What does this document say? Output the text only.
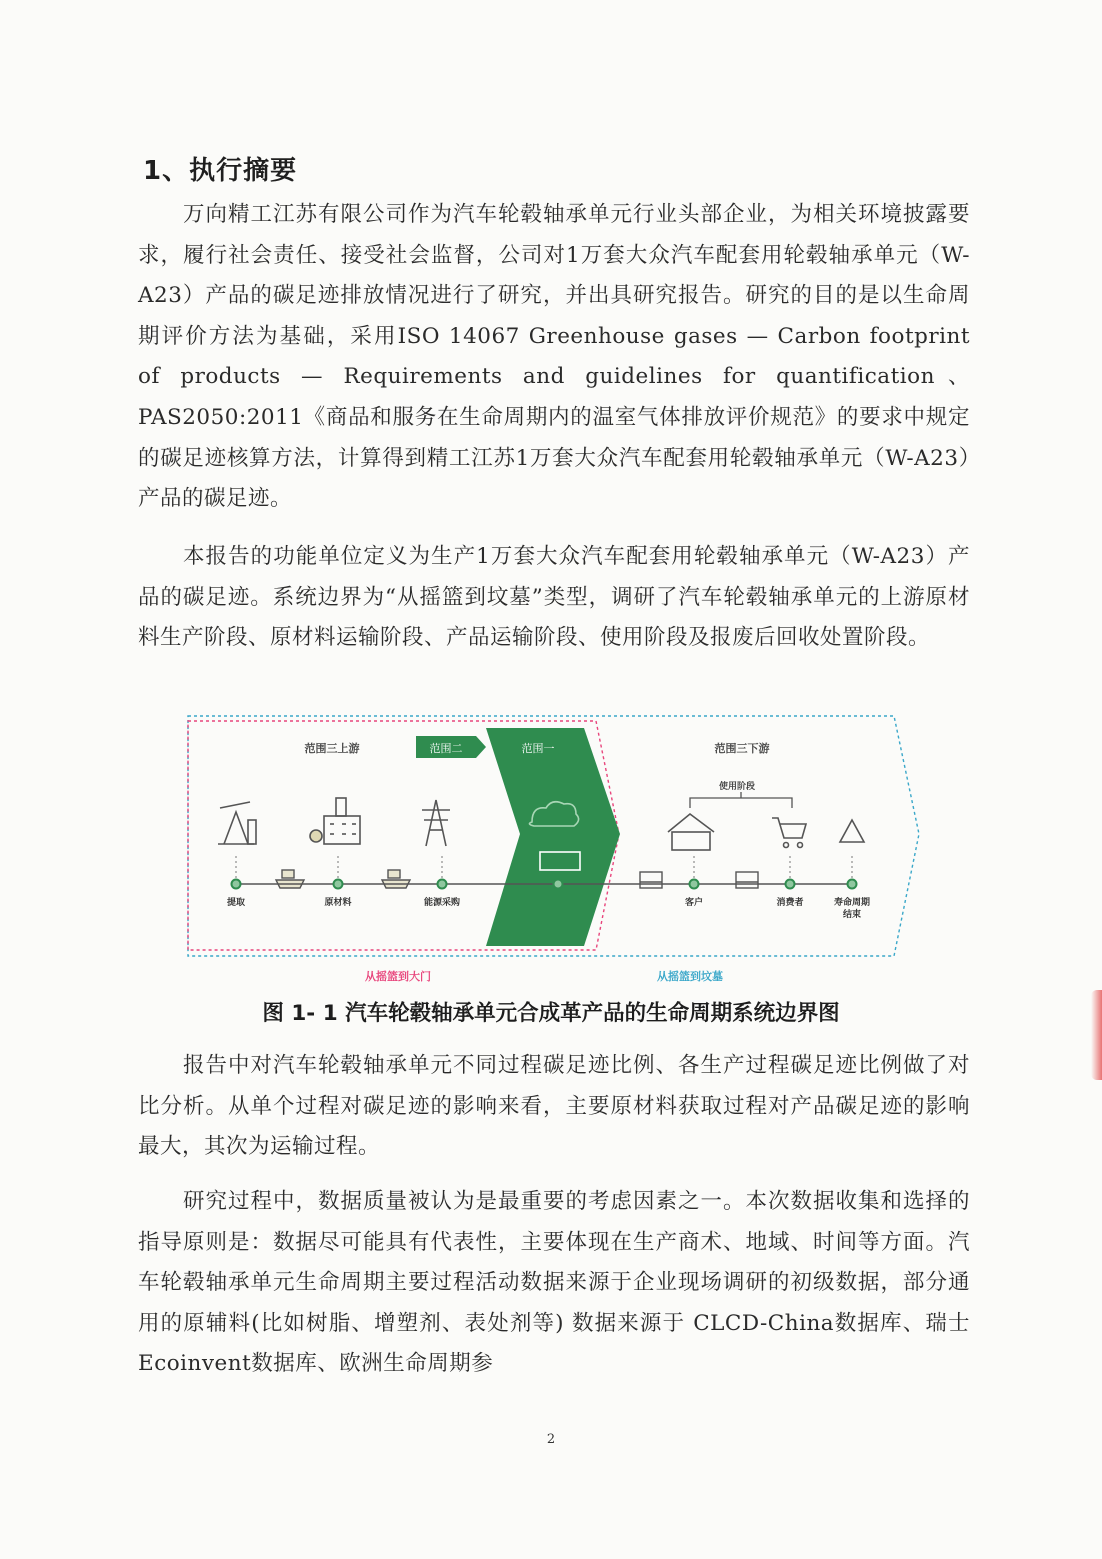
1、执行摘要

万向精工江苏有限公司作为汽车轮毂轴承单元行业头部企业，为相关环境披露要求，履行社会责任、接受社会监督，公司对1万套大众汽车配套用轮毂轴承单元（W-A23）产品的碳足迹排放情况进行了研究，并出具研究报告。研究的目的是以生命周期评价方法为基础，采用ISO 14067 Greenhouse gases — Carbon footprint of products — Requirements and guidelines for quantification、PAS2050:2011《商品和服务在生命周期内的温室气体排放评价规范》的要求中规定的碳足迹核算方法，计算得到精工江苏1万套大众汽车配套用轮毂轴承单元（W-A23）产品的碳足迹。

本报告的功能单位定义为生产1万套大众汽车配套用轮毂轴承单元（W-A23）产品的碳足迹。系统边界为“从摇篮到坟墓”类型，调研了汽车轮毂轴承单元的上游原材料生产阶段、原材料运输阶段、产品运输阶段、使用阶段及报废后回收处置阶段。

范围二	范围一
范围三上游	范围三下游
使用阶段
提取	原材料	能源采购	客户	消费者	寿命周期
结束
从摇篮到大门	从摇篮到坟墓
图 1- 1 汽车轮毂轴承单元合成革产品的生命周期系统边界图

报告中对汽车轮毂轴承单元不同过程碳足迹比例、各生产过程碳足迹比例做了对比分析。从单个过程对碳足迹的影响来看，主要原材料获取过程对产品碳足迹的影响最大，其次为运输过程。

研究过程中，数据质量被认为是最重要的考虑因素之一。本次数据收集和选择的指导原则是：数据尽可能具有代表性，主要体现在生产商术、地域、时间等方面。汽车轮毂轴承单元生命周期主要过程活动数据来源于企业现场调研的初级数据，部分通用的原辅料(比如树脂、增塑剂、表处剂等) 数据来源于 CLCD-China数据库、瑞士 Ecoinvent数据库、欧洲生命周期参

2
